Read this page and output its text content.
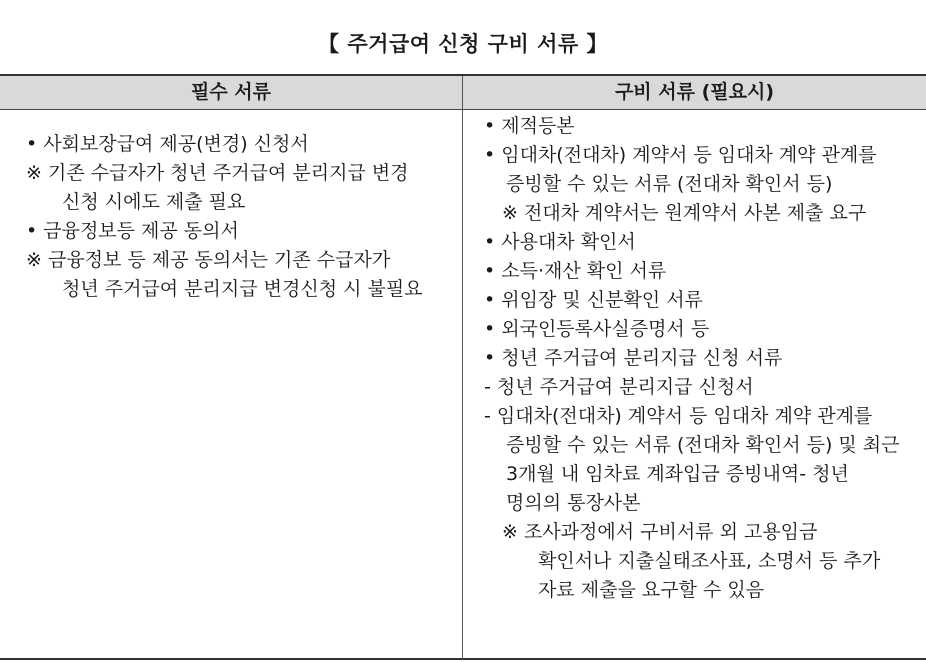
【 주거급여 신청 구비 서류 】
필수 서류	구비 서류 (필요시)
• 사회보장급여 제공(변경) 신청서
※ 기존 수급자가 청년 주거급여 분리지급 변경
신청 시에도 제출 필요
• 금융정보등 제공 동의서
※ 금융정보 등 제공 동의서는 기존 수급자가
청년 주거급여 분리지급 변경신청 시 불필요
• 제적등본
• 임대차(전대차) 계약서 등 임대차 계약 관계를
증빙할 수 있는 서류 (전대차 확인서 등)
※ 전대차 계약서는 원계약서 사본 제출 요구
• 사용대차 확인서
• 소득·재산 확인 서류
• 위임장 및 신분확인 서류
• 외국인등록사실증명서 등
• 청년 주거급여 분리지급 신청 서류
- 청년 주거급여 분리지급 신청서
- 임대차(전대차) 계약서 등 임대차 계약 관계를
증빙할 수 있는 서류 (전대차 확인서 등) 및 최근
3개월 내 임차료 계좌입금 증빙내역- 청년
명의의 통장사본
※ 조사과정에서 구비서류 외 고용임금
확인서나 지출실태조사표, 소명서 등 추가
자료 제출을 요구할 수 있음
